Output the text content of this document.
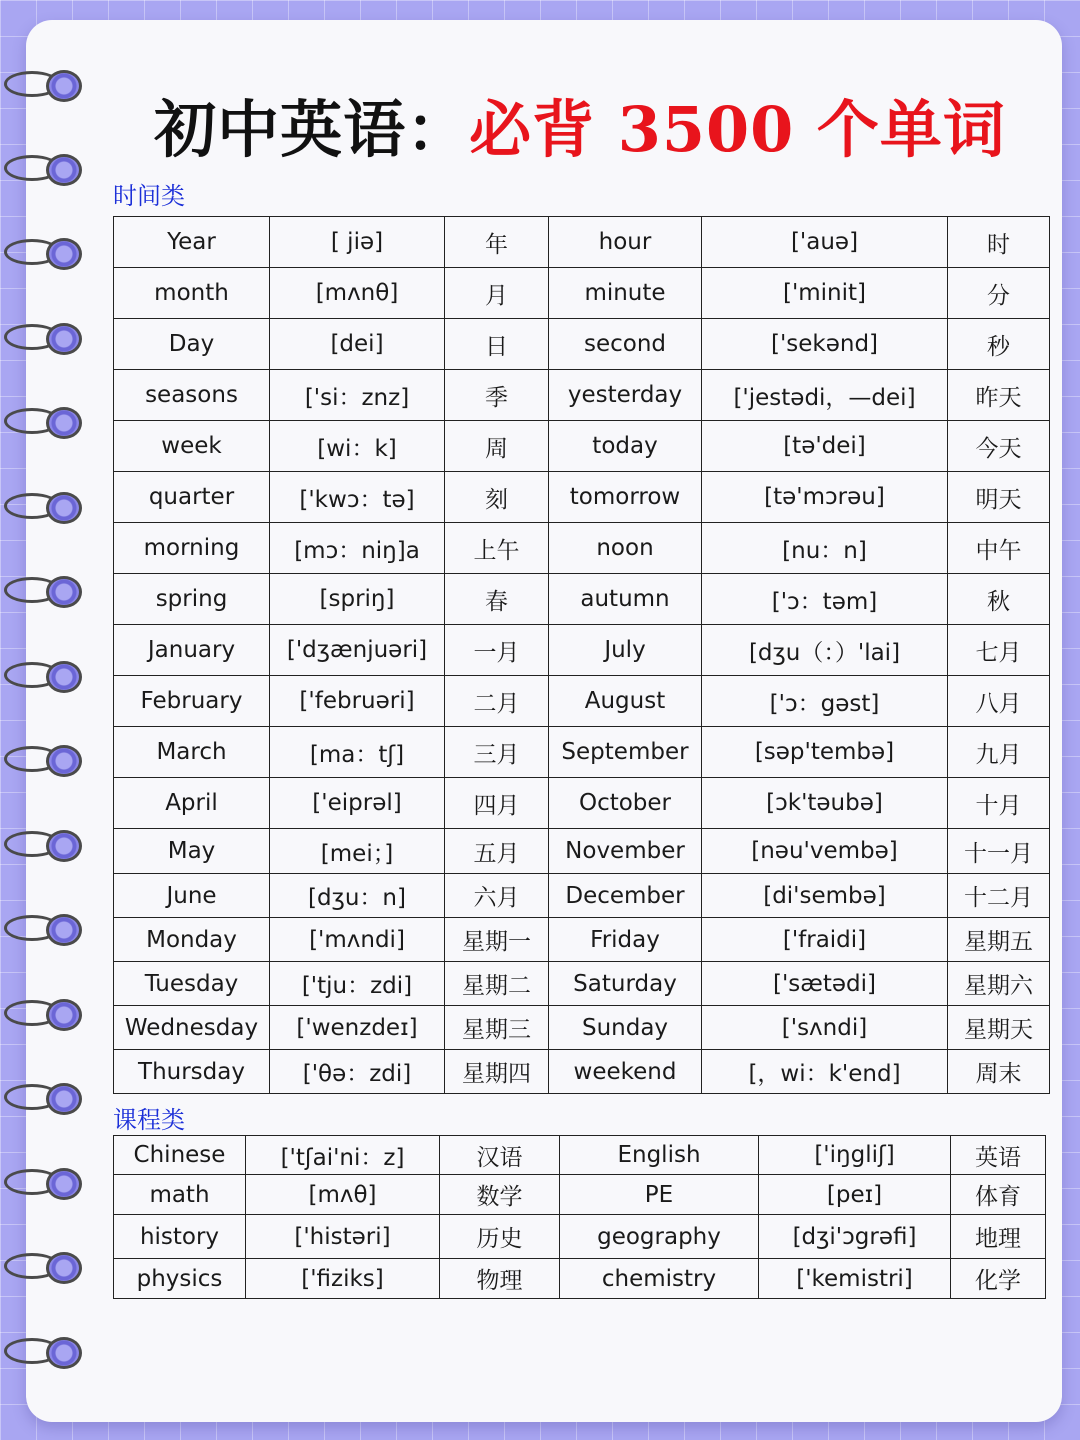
初中英语：必背 3500 个单词
时间类
Year	[ jiə]	年	hour	['auə]	时
month	[mʌnθ]	月	minute	['minit]	分
Day	[dei]	日	second	['sekənd]	秒
seasons	['si：znz]	季	yesterday	['jestədi，—dei]	昨天
week	[wi：k]	周	today	[tə'dei]	今天
quarter	['kwɔ：tə]	刻	tomorrow	[tə'mɔrəu]	明天
morning	[mɔ：niŋ]a	上午	noon	[nu：n]	中午
spring	[spriŋ]	春	autumn	['ɔ：təm]	秋
January	['dʒænjuəri]	一月	July	[dʒu（：）'lai]	七月
February	['februəri]	二月	August	['ɔ：gəst]	八月
March	[ma：tʃ]	三月	September	[səp'tembə]	九月
April	['eiprəl]	四月	October	[ɔk'təubə]	十月
May	[mei；]	五月	November	[nəu'vembə]	十一月
June	[dʒu：n]	六月	December	[di'sembə]	十二月
Monday	['mʌndi]	星期一	Friday	['fraidi]	星期五
Tuesday	['tju：zdi]	星期二	Saturday	['sætədi]	星期六
Wednesday	['wenzdeɪ]	星期三	Sunday	['sʌndi]	星期天
Thursday	['θə：zdi]	星期四	weekend	[，wi：k'end]	周末
课程类
Chinese	['tʃai'ni：z]	汉语	English	['iŋgliʃ]	英语
math	[mʌθ]	数学	PE	[peɪ]	体育
history	['histəri]	历史	geography	[dʒi'ɔgrəfi]	地理
physics	['fiziks]	物理	chemistry	['kemistri]	化学
